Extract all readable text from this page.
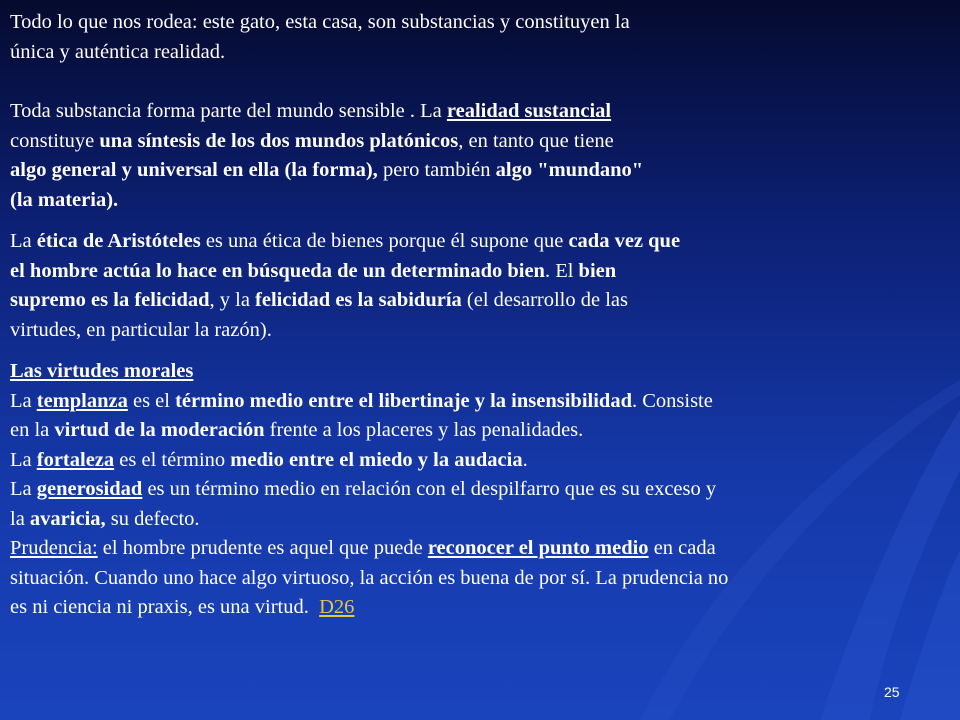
Todo lo que nos rodea: este gato, esta casa, son substancias y constituyen la
única y auténtica realidad.

Toda substancia forma parte del mundo sensible . La realidad sustancial
constituye una síntesis de los dos mundos platónicos, en tanto que tiene
algo general y universal en ella (la forma), pero también algo "mundano"
(la materia).

La ética de Aristóteles es una ética de bienes porque él supone que cada vez que
el hombre actúa lo hace en búsqueda de un determinado bien. El bien
supremo es la felicidad, y la felicidad es la sabiduría (el desarrollo de las
virtudes, en particular la razón).

Las virtudes morales
La templanza es el término medio entre el libertinaje y la insensibilidad. Consiste
en la virtud de la moderación frente a los placeres y las penalidades.
La fortaleza es el término medio entre el miedo y la audacia.
La generosidad es un término medio en relación con el despilfarro que es su exceso y
la avaricia, su defecto.
Prudencia: el hombre prudente es aquel que puede reconocer el punto medio en cada
situación. Cuando uno hace algo virtuoso, la acción es buena de por sí. La prudencia no
es ni ciencia ni praxis, es una virtud.  D26

25
